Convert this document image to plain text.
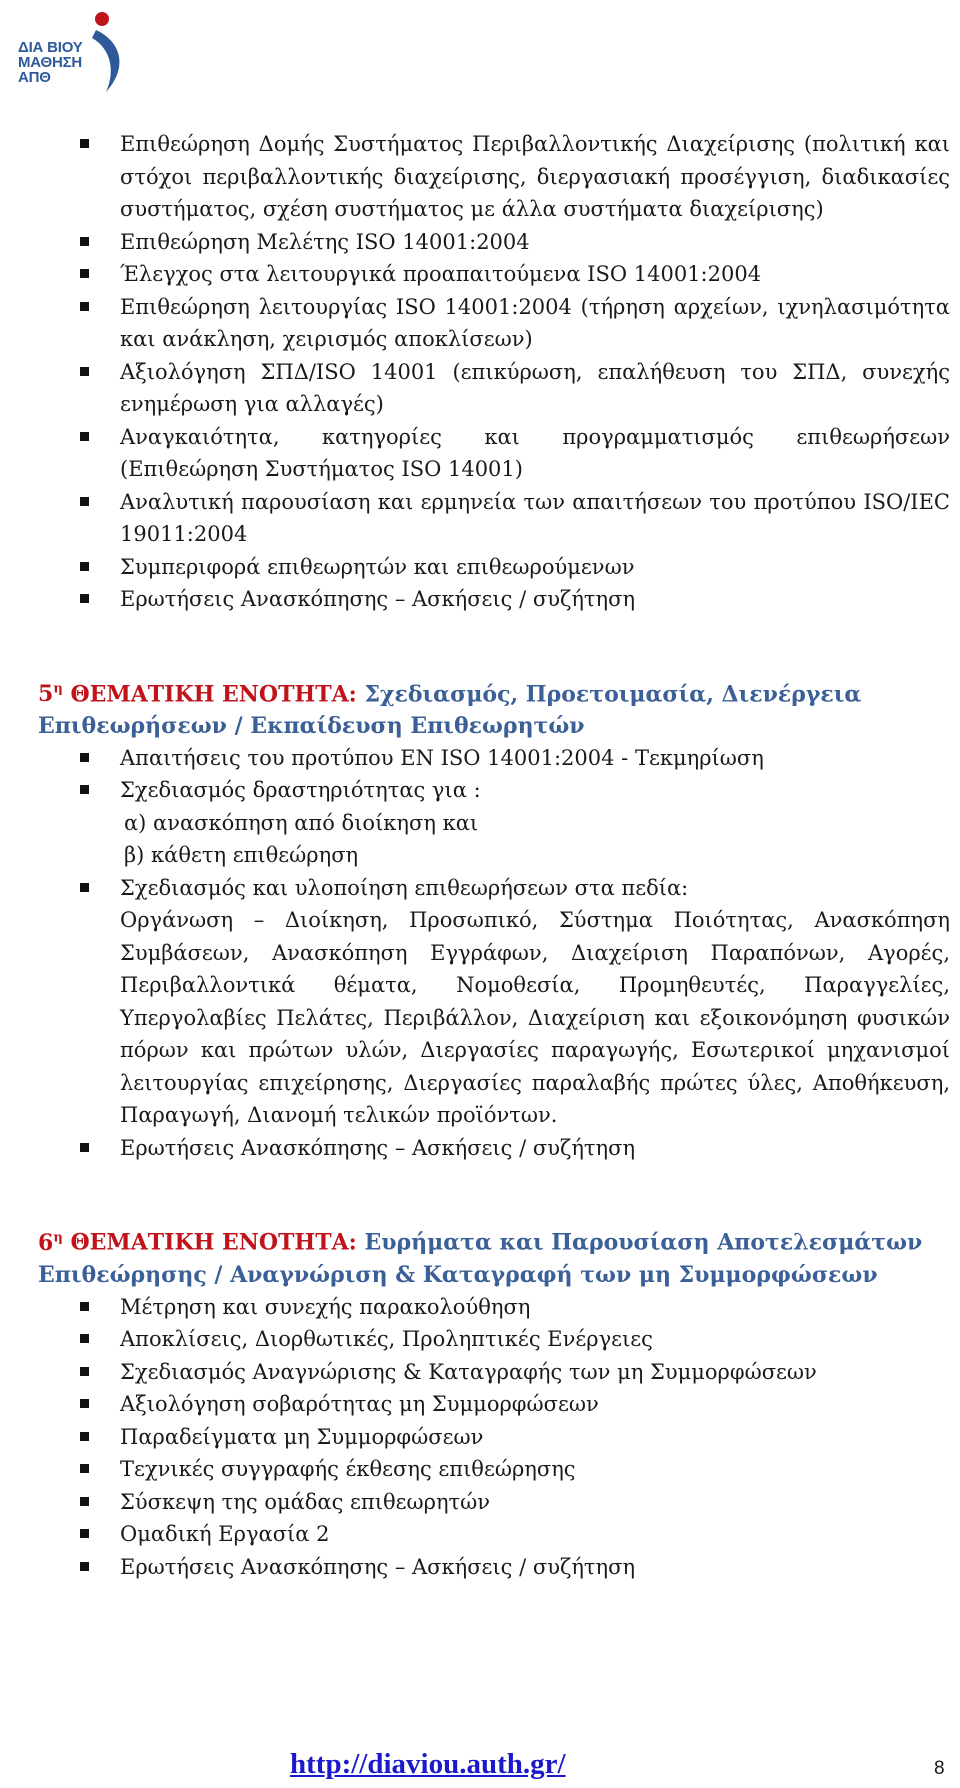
ΔΙΑ ΒΙΟΥ
ΜΑΘΗΣΗ
ΑΠΘ
Επιθεώρηση Δομής Συστήματος Περιβαλλοντικής Διαχείρισης (πολιτική και στόχοι περιβαλλοντικής διαχείρισης, διεργασιακή προσέγγιση, διαδικασίες συστήματος, σχέση συστήματος με άλλα συστήματα διαχείρισης)
Επιθεώρηση Μελέτης ISO 14001:2004
Έλεγχος στα λειτουργικά προαπαιτούμενα ISO 14001:2004
Επιθεώρηση λειτουργίας ISO 14001:2004 (τήρηση αρχείων, ιχνηλασιμότητα και ανάκληση, χειρισμός αποκλίσεων)
Αξιολόγηση ΣΠΔ/ISO 14001 (επικύρωση, επαλήθευση του ΣΠΔ, συνεχής ενημέρωση για αλλαγές)
Αναγκαιότητα, κατηγορίες και προγραμματισμός επιθεωρήσεων (Επιθεώρηση Συστήματος ISO 14001)
Αναλυτική παρουσίαση και ερμηνεία των απαιτήσεων του προτύπου ISO/IEC 19011:2004
Συμπεριφορά επιθεωρητών και επιθεωρούμενων
Ερωτήσεις Ανασκόπησης – Ασκήσεις / συζήτηση
$5^\eta$ ΘΕΜΑΤΙΚΗ ΕΝΟΤΗΤΑ: Σχεδιασμός, Προετοιμασία, Διενέργεια Επιθεωρήσεων / Εκπαίδευση Επιθεωρητών
Απαιτήσεις του προτύπου EN ISO 14001:2004 - Τεκμηρίωση
Σχεδιασμός δραστηριότητας για :
α) ανασκόπηση από διοίκηση και
β) κάθετη επιθεώρηση
Σχεδιασμός και υλοποίηση επιθεωρήσεων στα πεδία:
Οργάνωση – Διοίκηση, Προσωπικό, Σύστημα Ποιότητας, Ανασκόπηση Συμβάσεων, Ανασκόπηση Εγγράφων, Διαχείριση Παραπόνων, Αγορές, Περιβαλλοντικά θέματα, Νομοθεσία, Προμηθευτές, Παραγγελίες, Υπεργολαβίες Πελάτες, Περιβάλλον, Διαχείριση και εξοικονόμηση φυσικών πόρων και πρώτων υλών, Διεργασίες παραγωγής, Εσωτερικοί μηχανισμοί λειτουργίας επιχείρησης, Διεργασίες παραλαβής πρώτες ύλες, Αποθήκευση, Παραγωγή, Διανομή τελικών προϊόντων.
Ερωτήσεις Ανασκόπησης – Ασκήσεις / συζήτηση
$6^\eta$ ΘΕΜΑΤΙΚΗ ΕΝΟΤΗΤΑ: Ευρήματα και Παρουσίαση Αποτελεσμάτων Επιθεώρησης / Αναγνώριση & Καταγραφή των μη Συμμορφώσεων
Μέτρηση και συνεχής παρακολούθηση
Αποκλίσεις, Διορθωτικές, Προληπτικές Ενέργειες
Σχεδιασμός Αναγνώρισης & Καταγραφής των μη Συμμορφώσεων
Αξιολόγηση σοβαρότητας μη Συμμορφώσεων
Παραδείγματα μη Συμμορφώσεων
Τεχνικές συγγραφής έκθεσης επιθεώρησης
Σύσκεψη της ομάδας επιθεωρητών
Ομαδική Εργασία 2
Ερωτήσεις Ανασκόπησης – Ασκήσεις / συζήτηση
http://diaviou.auth.gr/	8
